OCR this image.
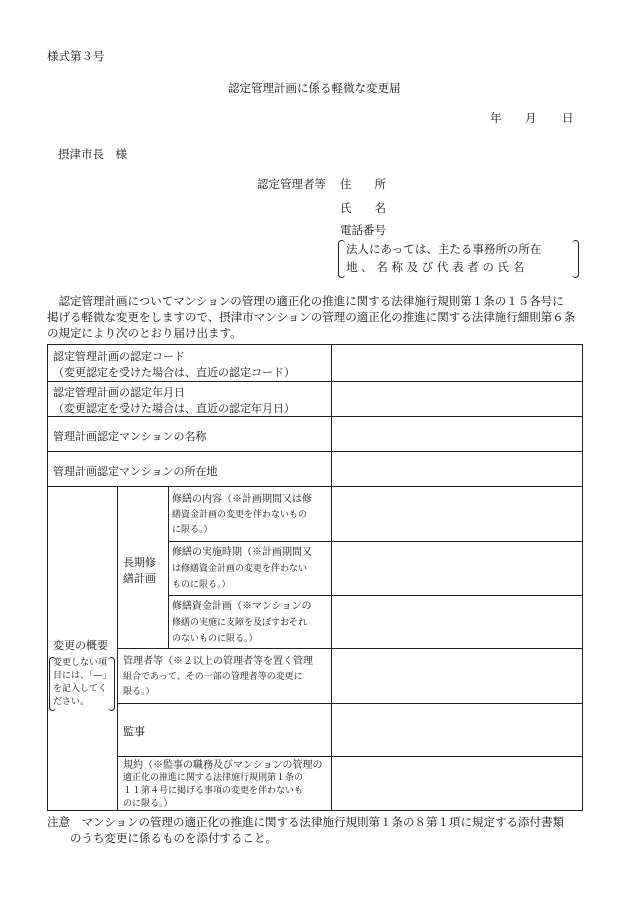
様式第３号
認定管理計画に係る軽微な変更届
年 月 日
摂津市長　様
認定管理者等 住　　所
氏　　名
電話番号
法人にあっては、主たる事務所の所在
地 、 名 称 及 び 代 表 者 の 氏 名
　認定管理計画についてマンションの管理の適正化の推進に関する法律施行規則第１条の１５各号に
掲げる軽微な変更をしますので、摂津市マンションの管理の適正化の推進に関する法律施行細則第６条
の規定により次のとおり届け出ます。
認定管理計画の認定コード
（変更認定を受けた場合は、直近の認定コード）
認定管理計画の認定年月日
（変更認定を受けた場合は、直近の認定年月日）
管理計画認定マンションの名称
管理計画認定マンションの所在地
変更の概要
変更しない項
目には、「―」
を記入してく
ださい。
長期修
繕計画
修繕の内容（※計画期間又は修
繕資金計画の変更を伴わないもの
に限る。）
修繕の実施時期（※計画期間又
は修繕資金計画の変更を伴わない
ものに限る。）
修繕資金計画（※マンションの
修繕の実施に支障を及ぼすおそれ
のないものに限る。）
管理者等（※２以上の管理者等を置く管理
組合であって、その一部の管理者等の変更に
限る。）
監事
規約（※監事の職務及びマンションの管理の
適正化の推進に関する法律施行規則第１条の
１１第４号に掲げる事項の変更を伴わないも
のに限る。）
注意　マンションの管理の適正化の推進に関する法律施行規則第１条の８第１項に規定する添付書類
　　のうち変更に係るものを添付すること。
